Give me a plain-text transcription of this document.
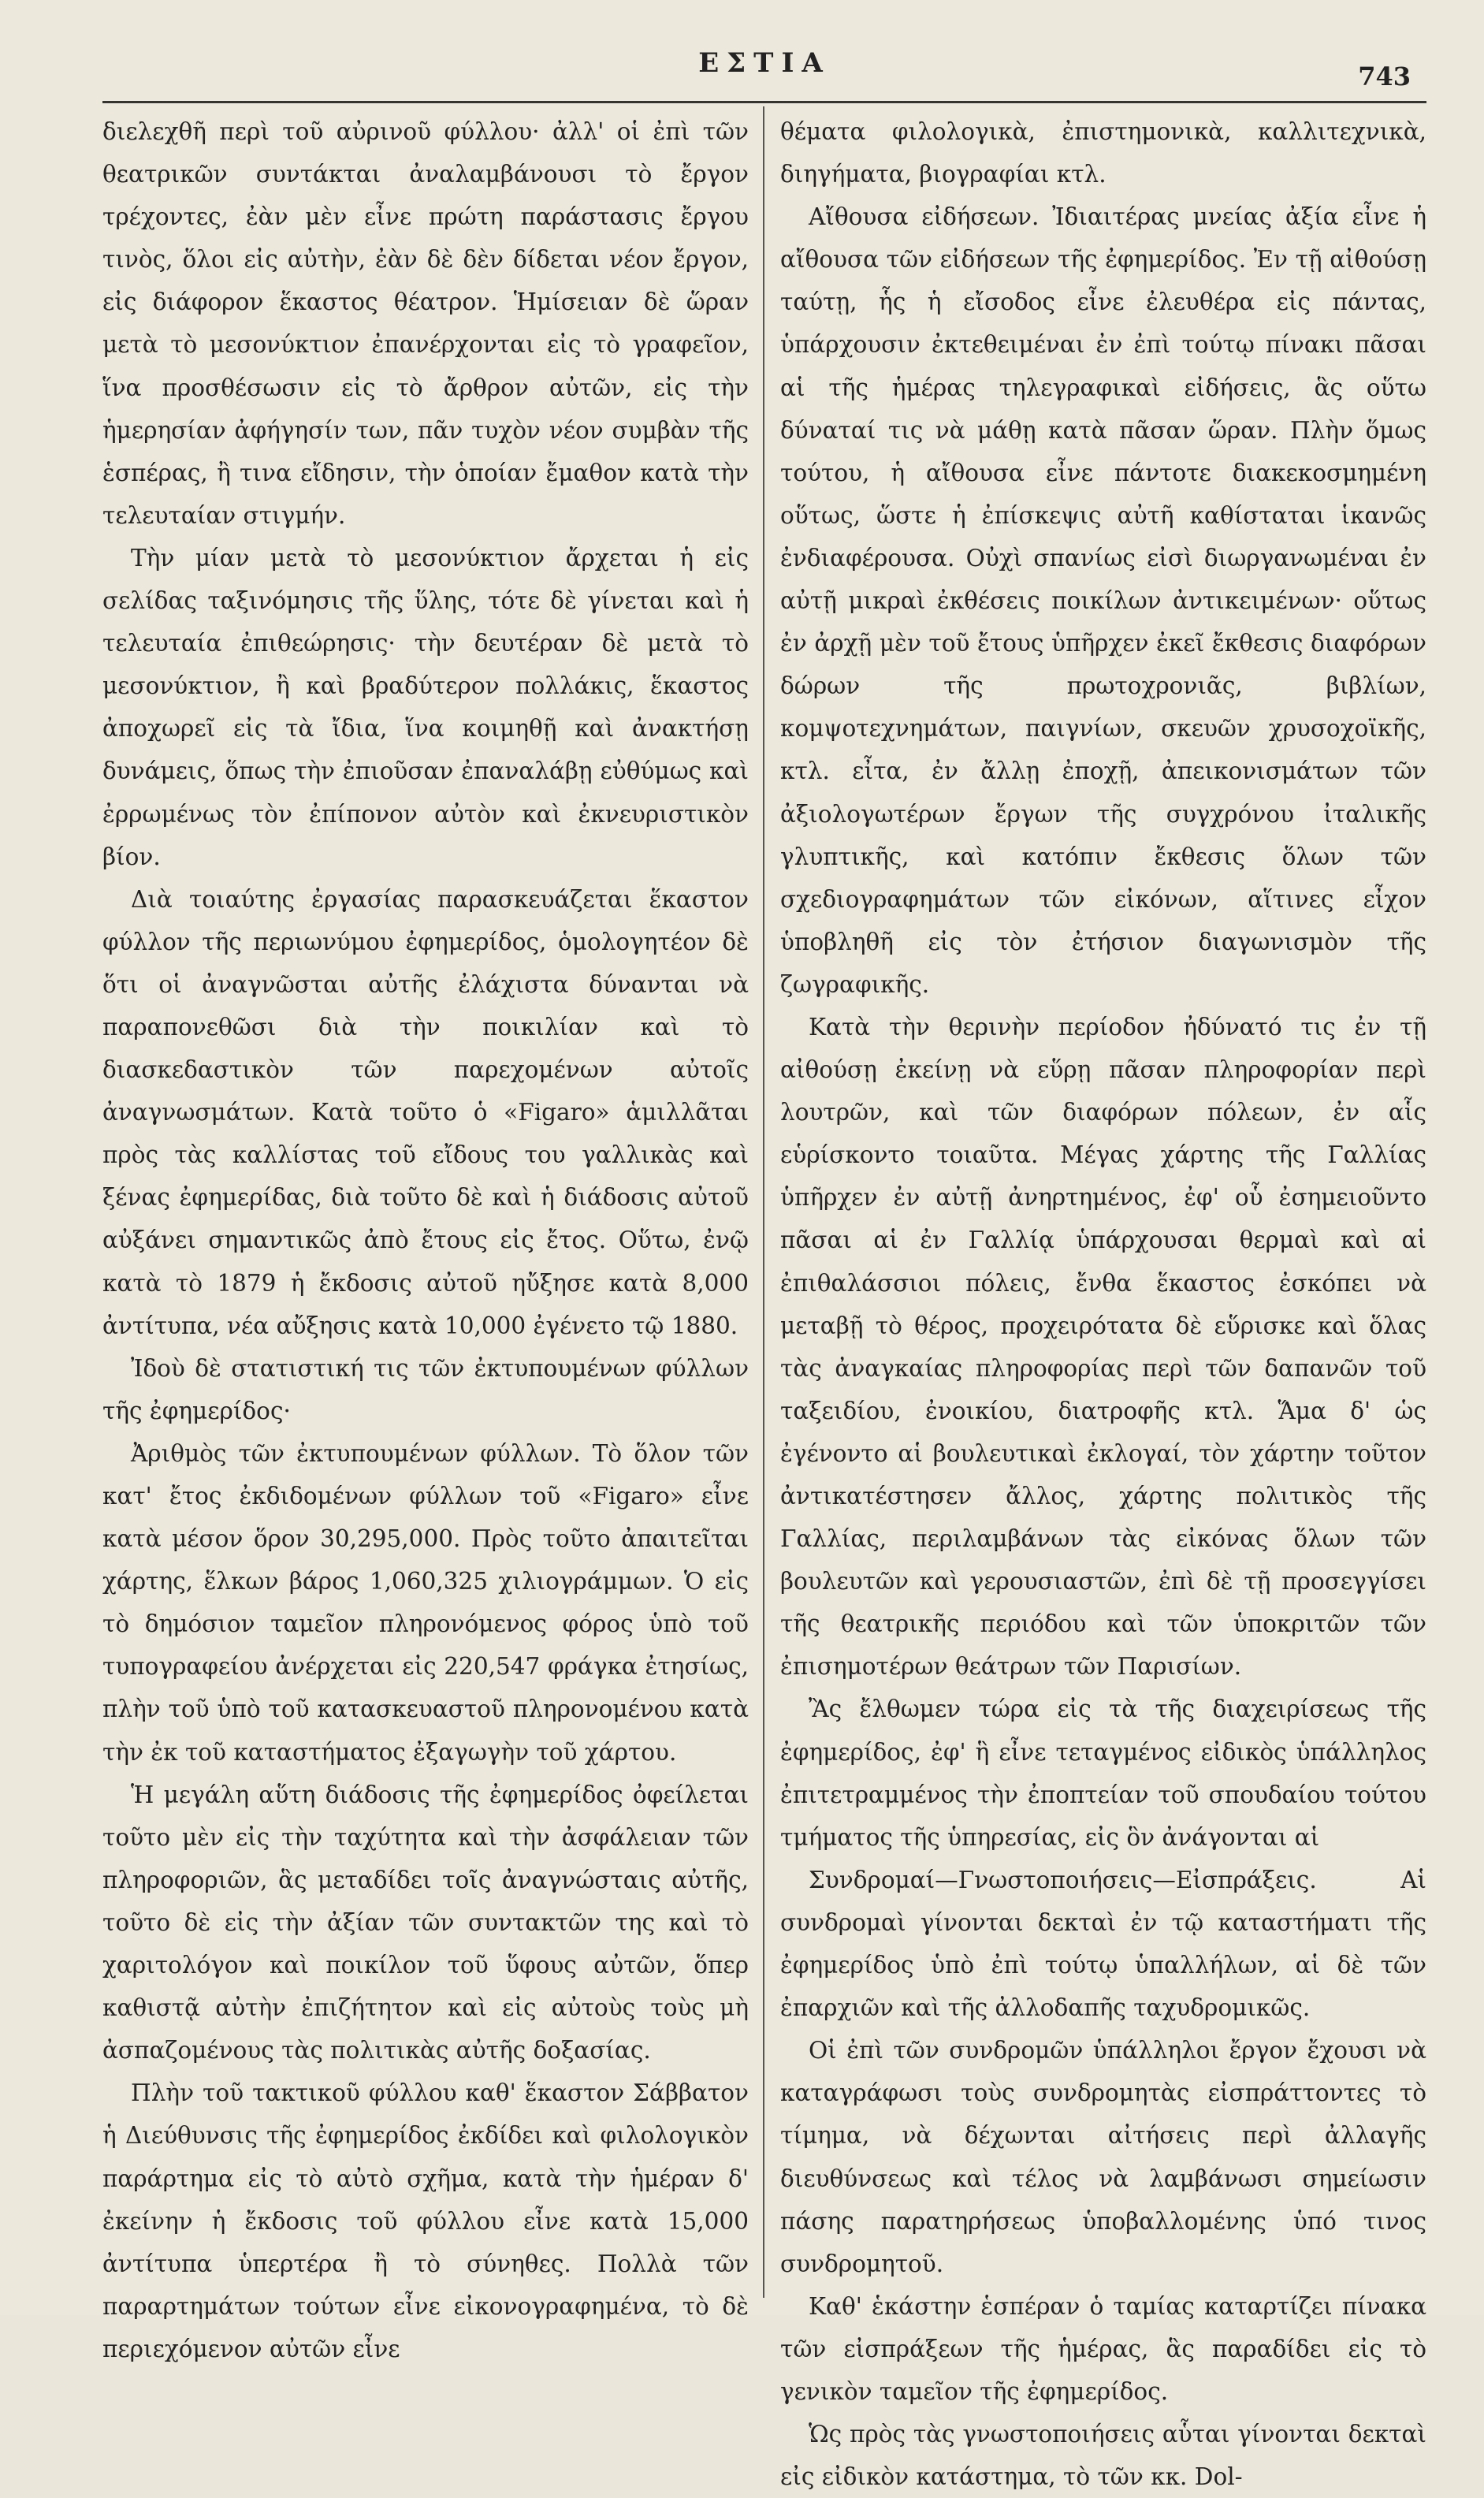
ΕΣΤΙΑ	743

διελεχθῆ περὶ τοῦ αὐρινοῦ φύλλου· ἀλλ' οἱ ἐπὶ τῶν θεατρικῶν συντάκται ἀναλαμβάνουσι τὸ ἔργον τρέχοντες, ἐὰν μὲν εἶνε πρώτη παράστασις ἔργου τινὸς, ὅλοι εἰς αὐτὴν, ἐὰν δὲ δὲν δίδεται νέον ἔργον, εἰς διάφορον ἕκαστος θέατρον. Ἡμίσειαν δὲ ὥραν μετὰ τὸ μεσονύκτιον ἐπανέρχονται εἰς τὸ γραφεῖον, ἵνα προσθέσωσιν εἰς τὸ ἄρθρον αὐτῶν, εἰς τὴν ἡμερησίαν ἀφήγησίν των, πᾶν τυχὸν νέον συμβὰν τῆς ἑσπέρας, ἢ τινα εἴδησιν, τὴν ὁποίαν ἔμαθον κατὰ τὴν τελευταίαν στιγμήν.

Τὴν μίαν μετὰ τὸ μεσονύκτιον ἄρχεται ἡ εἰς σελίδας ταξινόμησις τῆς ὕλης, τότε δὲ γίνεται καὶ ἡ τελευταία ἐπιθεώρησις· τὴν δευτέραν δὲ μετὰ τὸ μεσονύκτιον, ἢ καὶ βραδύτερον πολλάκις, ἕκαστος ἀποχωρεῖ εἰς τὰ ἴδια, ἵνα κοιμηθῇ καὶ ἀνακτήσῃ δυνάμεις, ὅπως τὴν ἐπιοῦσαν ἐπαναλάβῃ εὐθύμως καὶ ἐρρωμένως τὸν ἐπίπονον αὐτὸν καὶ ἐκνευριστικὸν βίον.

Διὰ τοιαύτης ἐργασίας παρασκευάζεται ἕκαστον φύλλον τῆς περιωνύμου ἐφημερίδος, ὁμολογητέον δὲ ὅτι οἱ ἀναγνῶσται αὐτῆς ἐλάχιστα δύνανται νὰ παραπονεθῶσι διὰ τὴν ποικιλίαν καὶ τὸ διασκεδαστικὸν τῶν παρεχομένων αὐτοῖς ἀναγνωσμάτων. Κατὰ τοῦτο ὁ «Figaro» ἁμιλλᾶται πρὸς τὰς καλλίστας τοῦ εἴδους του γαλλικὰς καὶ ξένας ἐφημερίδας, διὰ τοῦτο δὲ καὶ ἡ διάδοσις αὐτοῦ αὐξάνει σημαντικῶς ἀπὸ ἔτους εἰς ἔτος. Οὕτω, ἐνῷ κατὰ τὸ 1879 ἡ ἔκδοσις αὐτοῦ ηὔξησε κατὰ 8,000 ἀντίτυπα, νέα αὔξησις κατὰ 10,000 ἐγένετο τῷ 1880.

Ἰδοὺ δὲ στατιστική τις τῶν ἐκτυπουμένων φύλλων τῆς ἐφημερίδος·

Ἀριθμὸς τῶν ἐκτυπουμένων φύλλων. Τὸ ὅλον τῶν κατ' ἔτος ἐκδιδομένων φύλλων τοῦ «Figaro» εἶνε κατὰ μέσον ὅρον 30,295,000. Πρὸς τοῦτο ἀπαιτεῖται χάρτης, ἕλκων βάρος 1,060,325 χιλιογράμμων. Ὁ εἰς τὸ δημόσιον ταμεῖον πληρονόμενος φόρος ὑπὸ τοῦ τυπογραφείου ἀνέρχεται εἰς 220,547 φράγκα ἐτησίως, πλὴν τοῦ ὑπὸ τοῦ κατασκευαστοῦ πληρονομένου κατὰ τὴν ἐκ τοῦ καταστήματος ἐξαγωγὴν τοῦ χάρτου.

Ἡ μεγάλη αὕτη διάδοσις τῆς ἐφημερίδος ὀφείλεται τοῦτο μὲν εἰς τὴν ταχύτητα καὶ τὴν ἀσφάλειαν τῶν πληροφοριῶν, ἃς μεταδίδει τοῖς ἀναγνώσταις αὐτῆς, τοῦτο δὲ εἰς τὴν ἀξίαν τῶν συντακτῶν της καὶ τὸ χαριτολόγον καὶ ποικίλον τοῦ ὕφους αὐτῶν, ὅπερ καθιστᾷ αὐτὴν ἐπιζήτητον καὶ εἰς αὐτοὺς τοὺς μὴ ἀσπαζομένους τὰς πολιτικὰς αὐτῆς δοξασίας.

Πλὴν τοῦ τακτικοῦ φύλλου καθ' ἕκαστον Σάββατον ἡ Διεύθυνσις τῆς ἐφημερίδος ἐκδίδει καὶ φιλολογικὸν παράρτημα εἰς τὸ αὐτὸ σχῆμα, κατὰ τὴν ἡμέραν δ' ἐκείνην ἡ ἔκδοσις τοῦ φύλλου εἶνε κατὰ 15,000 ἀντίτυπα ὑπερτέρα ἢ τὸ σύνηθες. Πολλὰ τῶν παραρτημάτων τούτων εἶνε εἰκονογραφημένα, τὸ δὲ περιεχόμενον αὐτῶν εἶνε

θέματα φιλολογικὰ, ἐπιστημονικὰ, καλλιτεχνικὰ, διηγήματα, βιογραφίαι κτλ.

Αἴθουσα εἰδήσεων. Ἰδιαιτέρας μνείας ἀξία εἶνε ἡ αἴθουσα τῶν εἰδήσεων τῆς ἐφημερίδος. Ἐν τῇ αἰθούσῃ ταύτῃ, ἧς ἡ εἴσοδος εἶνε ἐλευθέρα εἰς πάντας, ὑπάρχουσιν ἐκτεθειμέναι ἐν ἐπὶ τούτῳ πίνακι πᾶσαι αἱ τῆς ἡμέρας τηλεγραφικαὶ εἰδήσεις, ἃς οὕτω δύναταί τις νὰ μάθῃ κατὰ πᾶσαν ὥραν. Πλὴν ὅμως τούτου, ἡ αἴθουσα εἶνε πάντοτε διακεκοσμημένη οὕτως, ὥστε ἡ ἐπίσκεψις αὐτῆ καθίσταται ἱκανῶς ἐνδιαφέρουσα. Οὐχὶ σπανίως εἰσὶ διωργανωμέναι ἐν αὐτῇ μικραὶ ἐκθέσεις ποικίλων ἀντικειμένων· οὕτως ἐν ἀρχῇ μὲν τοῦ ἔτους ὑπῆρχεν ἐκεῖ ἔκθεσις διαφόρων δώρων τῆς πρωτοχρονιᾶς, βιβλίων, κομψοτεχνημάτων, παιγνίων, σκευῶν χρυσοχοϊκῆς, κτλ. εἶτα, ἐν ἄλλῃ ἐποχῇ, ἀπεικονισμάτων τῶν ἀξιολογωτέρων ἔργων τῆς συγχρόνου ἰταλικῆς γλυπτικῆς, καὶ κατόπιν ἔκθεσις ὅλων τῶν σχεδιογραφημάτων τῶν εἰκόνων, αἵτινες εἶχον ὑποβληθῆ εἰς τὸν ἐτήσιον διαγωνισμὸν τῆς ζωγραφικῆς.

Κατὰ τὴν θερινὴν περίοδον ἠδύνατό τις ἐν τῇ αἰθούσῃ ἐκείνῃ νὰ εὕρῃ πᾶσαν πληροφορίαν περὶ λουτρῶν, καὶ τῶν διαφόρων πόλεων, ἐν αἷς εὑρίσκοντο τοιαῦτα. Μέγας χάρτης τῆς Γαλλίας ὑπῆρχεν ἐν αὐτῇ ἀνηρτημένος, ἐφ' οὗ ἐσημειοῦντο πᾶσαι αἱ ἐν Γαλλίᾳ ὑπάρχουσαι θερμαὶ καὶ αἱ ἐπιθαλάσσιοι πόλεις, ἔνθα ἕκαστος ἐσκόπει νὰ μεταβῇ τὸ θέρος, προχειρότατα δὲ εὕρισκε καὶ ὅλας τὰς ἀναγκαίας πληροφορίας περὶ τῶν δαπανῶν τοῦ ταξειδίου, ἐνοικίου, διατροφῆς κτλ. Ἅμα δ' ὡς ἐγένοντο αἱ βουλευτικαὶ ἐκλογαί, τὸν χάρτην τοῦτον ἀντικατέστησεν ἄλλος, χάρτης πολιτικὸς τῆς Γαλλίας, περιλαμβάνων τὰς εἰκόνας ὅλων τῶν βουλευτῶν καὶ γερουσιαστῶν, ἐπὶ δὲ τῇ προσεγγίσει τῆς θεατρικῆς περιόδου καὶ τῶν ὑποκριτῶν τῶν ἐπισημοτέρων θεάτρων τῶν Παρισίων.

Ἂς ἔλθωμεν τώρα εἰς τὰ τῆς διαχειρίσεως τῆς ἐφημερίδος, ἐφ' ἣ εἶνε τεταγμένος εἰδικὸς ὑπάλληλος ἐπιτετραμμένος τὴν ἐποπτείαν τοῦ σπουδαίου τούτου τμήματος τῆς ὑπηρεσίας, εἰς ὃν ἀνάγονται αἱ

Συνδρομαί—Γνωστοποιήσεις—Εἰσπράξεις. Αἱ συνδρομαὶ γίνονται δεκταὶ ἐν τῷ καταστήματι τῆς ἐφημερίδος ὑπὸ ἐπὶ τούτῳ ὑπαλλήλων, αἱ δὲ τῶν ἐπαρχιῶν καὶ τῆς ἀλλοδαπῆς ταχυδρομικῶς.

Οἱ ἐπὶ τῶν συνδρομῶν ὑπάλληλοι ἔργον ἔχουσι νὰ καταγράφωσι τοὺς συνδρομητὰς εἰσπράττοντες τὸ τίμημα, νὰ δέχωνται αἰτήσεις περὶ ἀλλαγῆς διευθύνσεως καὶ τέλος νὰ λαμβάνωσι σημείωσιν πάσης παρατηρήσεως ὑποβαλλομένης ὑπό τινος συνδρομητοῦ.

Καθ' ἑκάστην ἑσπέραν ὁ ταμίας καταρτίζει πίνακα τῶν εἰσπράξεων τῆς ἡμέρας, ἃς παραδίδει εἰς τὸ γενικὸν ταμεῖον τῆς ἐφημερίδος.

Ὡς πρὸς τὰς γνωστοποιήσεις αὗται γίνονται δεκταὶ εἰς εἰδικὸν κατάστημα, τὸ τῶν κκ. Dol-
